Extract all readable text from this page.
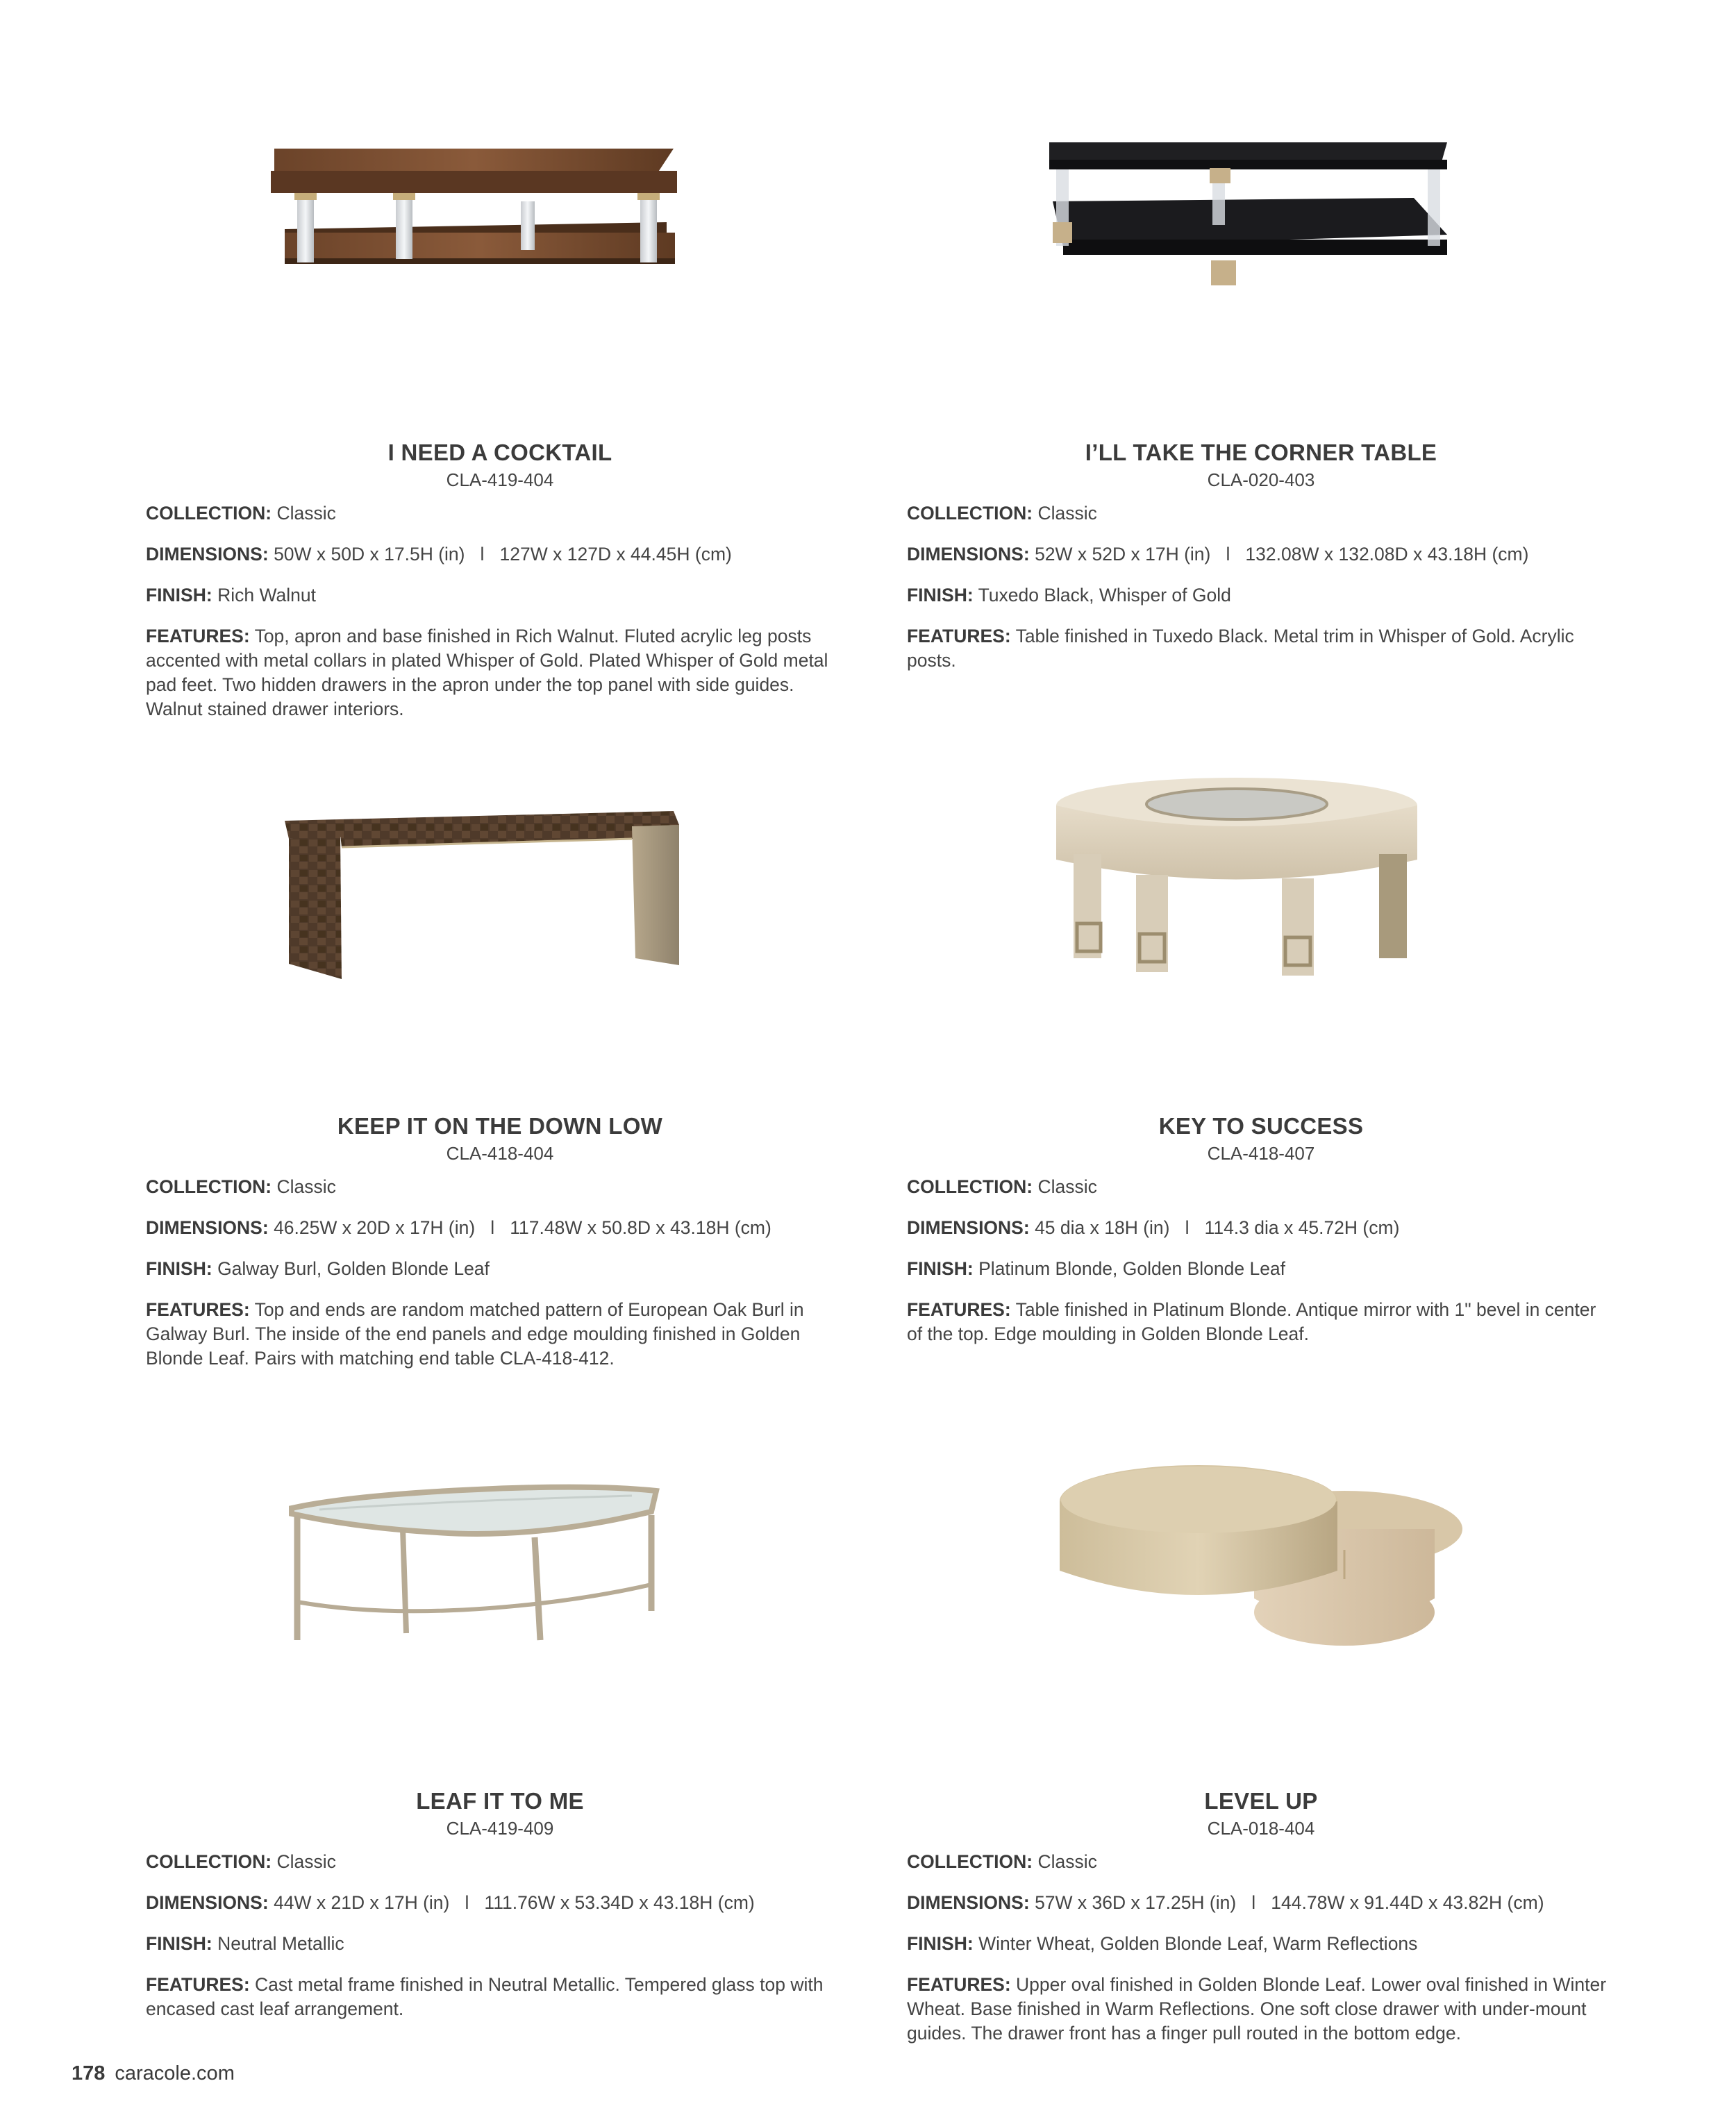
I NEED A COCKTAIL
CLA-419-404
COLLECTION: Classic
DIMENSIONS: 50W x 50D x 17.5H (in)   l   127W x 127D x 44.45H (cm)
FINISH: Rich Walnut
FEATURES: Top, apron and base finished in Rich Walnut. Fluted acrylic leg posts accented with metal collars in plated Whisper of Gold. Plated Whisper of Gold metal pad feet. Two hidden drawers in the apron under the top panel with side guides. Walnut stained drawer interiors.
I’LL TAKE THE CORNER TABLE
CLA-020-403
COLLECTION: Classic
DIMENSIONS: 52W x 52D x 17H (in)   l   132.08W x 132.08D x 43.18H (cm)
FINISH: Tuxedo Black, Whisper of Gold
FEATURES: Table finished in Tuxedo Black. Metal trim in Whisper of Gold. Acrylic posts.
KEEP IT ON THE DOWN LOW
CLA-418-404
COLLECTION: Classic
DIMENSIONS: 46.25W x 20D x 17H (in)   l   117.48W x 50.8D x 43.18H (cm)
FINISH: Galway Burl, Golden Blonde Leaf
FEATURES: Top and ends are random matched pattern of European Oak Burl in Galway Burl. The inside of the end panels and edge moulding finished in Golden Blonde Leaf. Pairs with matching end table CLA-418-412.
KEY TO SUCCESS
CLA-418-407
COLLECTION: Classic
DIMENSIONS: 45 dia x 18H (in)   l   114.3 dia x 45.72H (cm)
FINISH: Platinum Blonde, Golden Blonde Leaf
FEATURES: Table finished in Platinum Blonde. Antique mirror with 1" bevel in center of the top. Edge moulding in Golden Blonde Leaf.
LEAF IT TO ME
CLA-419-409
COLLECTION: Classic
DIMENSIONS: 44W x 21D x 17H (in)   l   111.76W x 53.34D x 43.18H (cm)
FINISH: Neutral Metallic
FEATURES: Cast metal frame finished in Neutral Metallic. Tempered glass top with encased cast leaf arrangement.
LEVEL UP
CLA-018-404
COLLECTION: Classic
DIMENSIONS: 57W x 36D x 17.25H (in)   l   144.78W x 91.44D x 43.82H (cm)
FINISH: Winter Wheat, Golden Blonde Leaf, Warm Reflections
FEATURES: Upper oval finished in Golden Blonde Leaf. Lower oval finished in Winter Wheat. Base finished in Warm Reflections. One soft close drawer with under-mount guides. The drawer front has a finger pull routed in the bottom edge.
178 caracole.com
